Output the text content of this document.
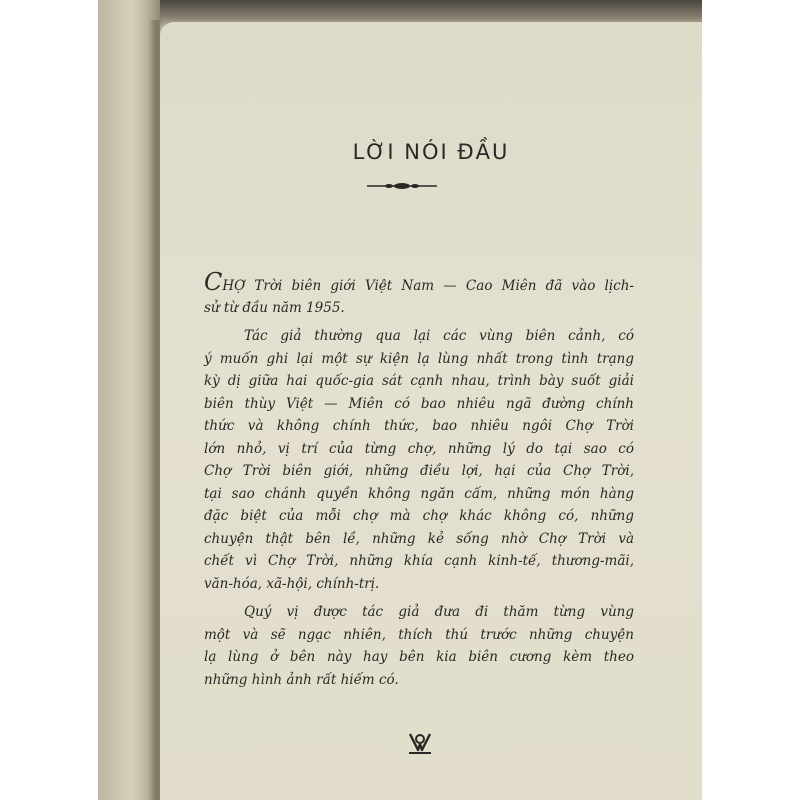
LỜI NÓI ĐẦU
CHỢ Trời biên giới Việt Nam — Cao Miên đã vào lịch-
sử từ đầu năm 1955.
Tác giả thường qua lại các vùng biên cảnh, có
ý muốn ghi lại một sự kiện lạ lùng nhất trong tình trạng
kỳ dị giữa hai quốc-gia sát cạnh nhau, trình bày suốt giải
biên thùy Việt — Miên có bao nhiêu ngã đường chính
thức và không chính thức, bao nhiêu ngôi Chợ Trời
lớn nhỏ, vị trí của từng chợ, những lý do tại sao có
Chợ Trời biên giới, những điều lợi, hại của Chợ Trời,
tại sao chánh quyền không ngăn cấm, những món hàng
đặc biệt của mỗi chợ mà chợ khác không có, những
chuyện thật bên lề, những kẻ sống nhờ Chợ Trời và
chết vì Chợ Trời, những khía cạnh kinh-tế, thương-mãi,
văn-hóa, xã-hội, chính-trị.
Quý vị được tác giả đưa đi thăm từng vùng
một và sẽ ngạc nhiên, thích thú trước những chuyện
lạ lùng ở bên này hay bên kia biên cương kèm theo
những hình ảnh rất hiếm có.
